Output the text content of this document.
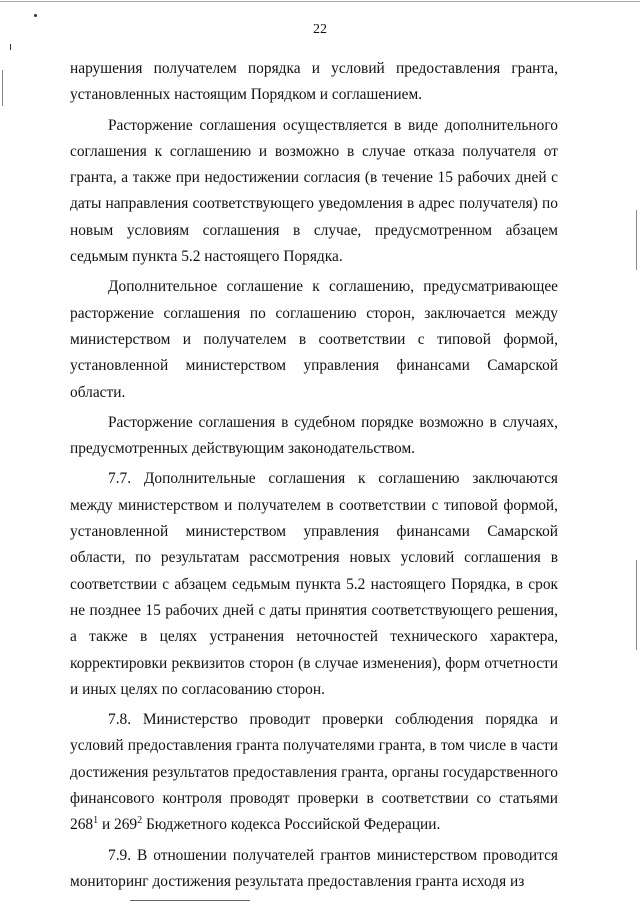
22

нарушения получателем порядка и условий предоставления гранта, установленных настоящим Порядком и соглашением.

Расторжение соглашения осуществляется в виде дополнительного соглашения к соглашению и возможно в случае отказа получателя от гранта, а также при недостижении согласия (в течение 15 рабочих дней с даты направления соответствующего уведомления в адрес получателя) по новым условиям соглашения в случае, предусмотренном абзацем седьмым пункта 5.2 настоящего Порядка.

Дополнительное соглашение к соглашению, предусматривающее расторжение соглашения по соглашению сторон, заключается между министерством и получателем в соответствии с типовой формой, установленной министерством управления финансами Самарской области.

Расторжение соглашения в судебном порядке возможно в случаях, предусмотренных действующим законодательством.

7.7. Дополнительные соглашения к соглашению заключаются между министерством и получателем в соответствии с типовой формой, установленной министерством управления финансами Самарской области, по результатам рассмотрения новых условий соглашения в соответствии с абзацем седьмым пункта 5.2 настоящего Порядка, в срок не позднее 15 рабочих дней с даты принятия соответствующего решения, а также в целях устранения неточностей технического характера, корректировки реквизитов сторон (в случае изменения), форм отчетности и иных целях по согласованию сторон.

7.8. Министерство проводит проверки соблюдения порядка и условий предоставления гранта получателями гранта, в том числе в части достижения результатов предоставления гранта, органы государственного финансового контроля проводят проверки в соответствии со статьями $268^1$ и $269^2$ Бюджетного кодекса Российской Федерации.

7.9. В отношении получателей грантов министерством проводится мониторинг достижения результата предоставления гранта исходя из
